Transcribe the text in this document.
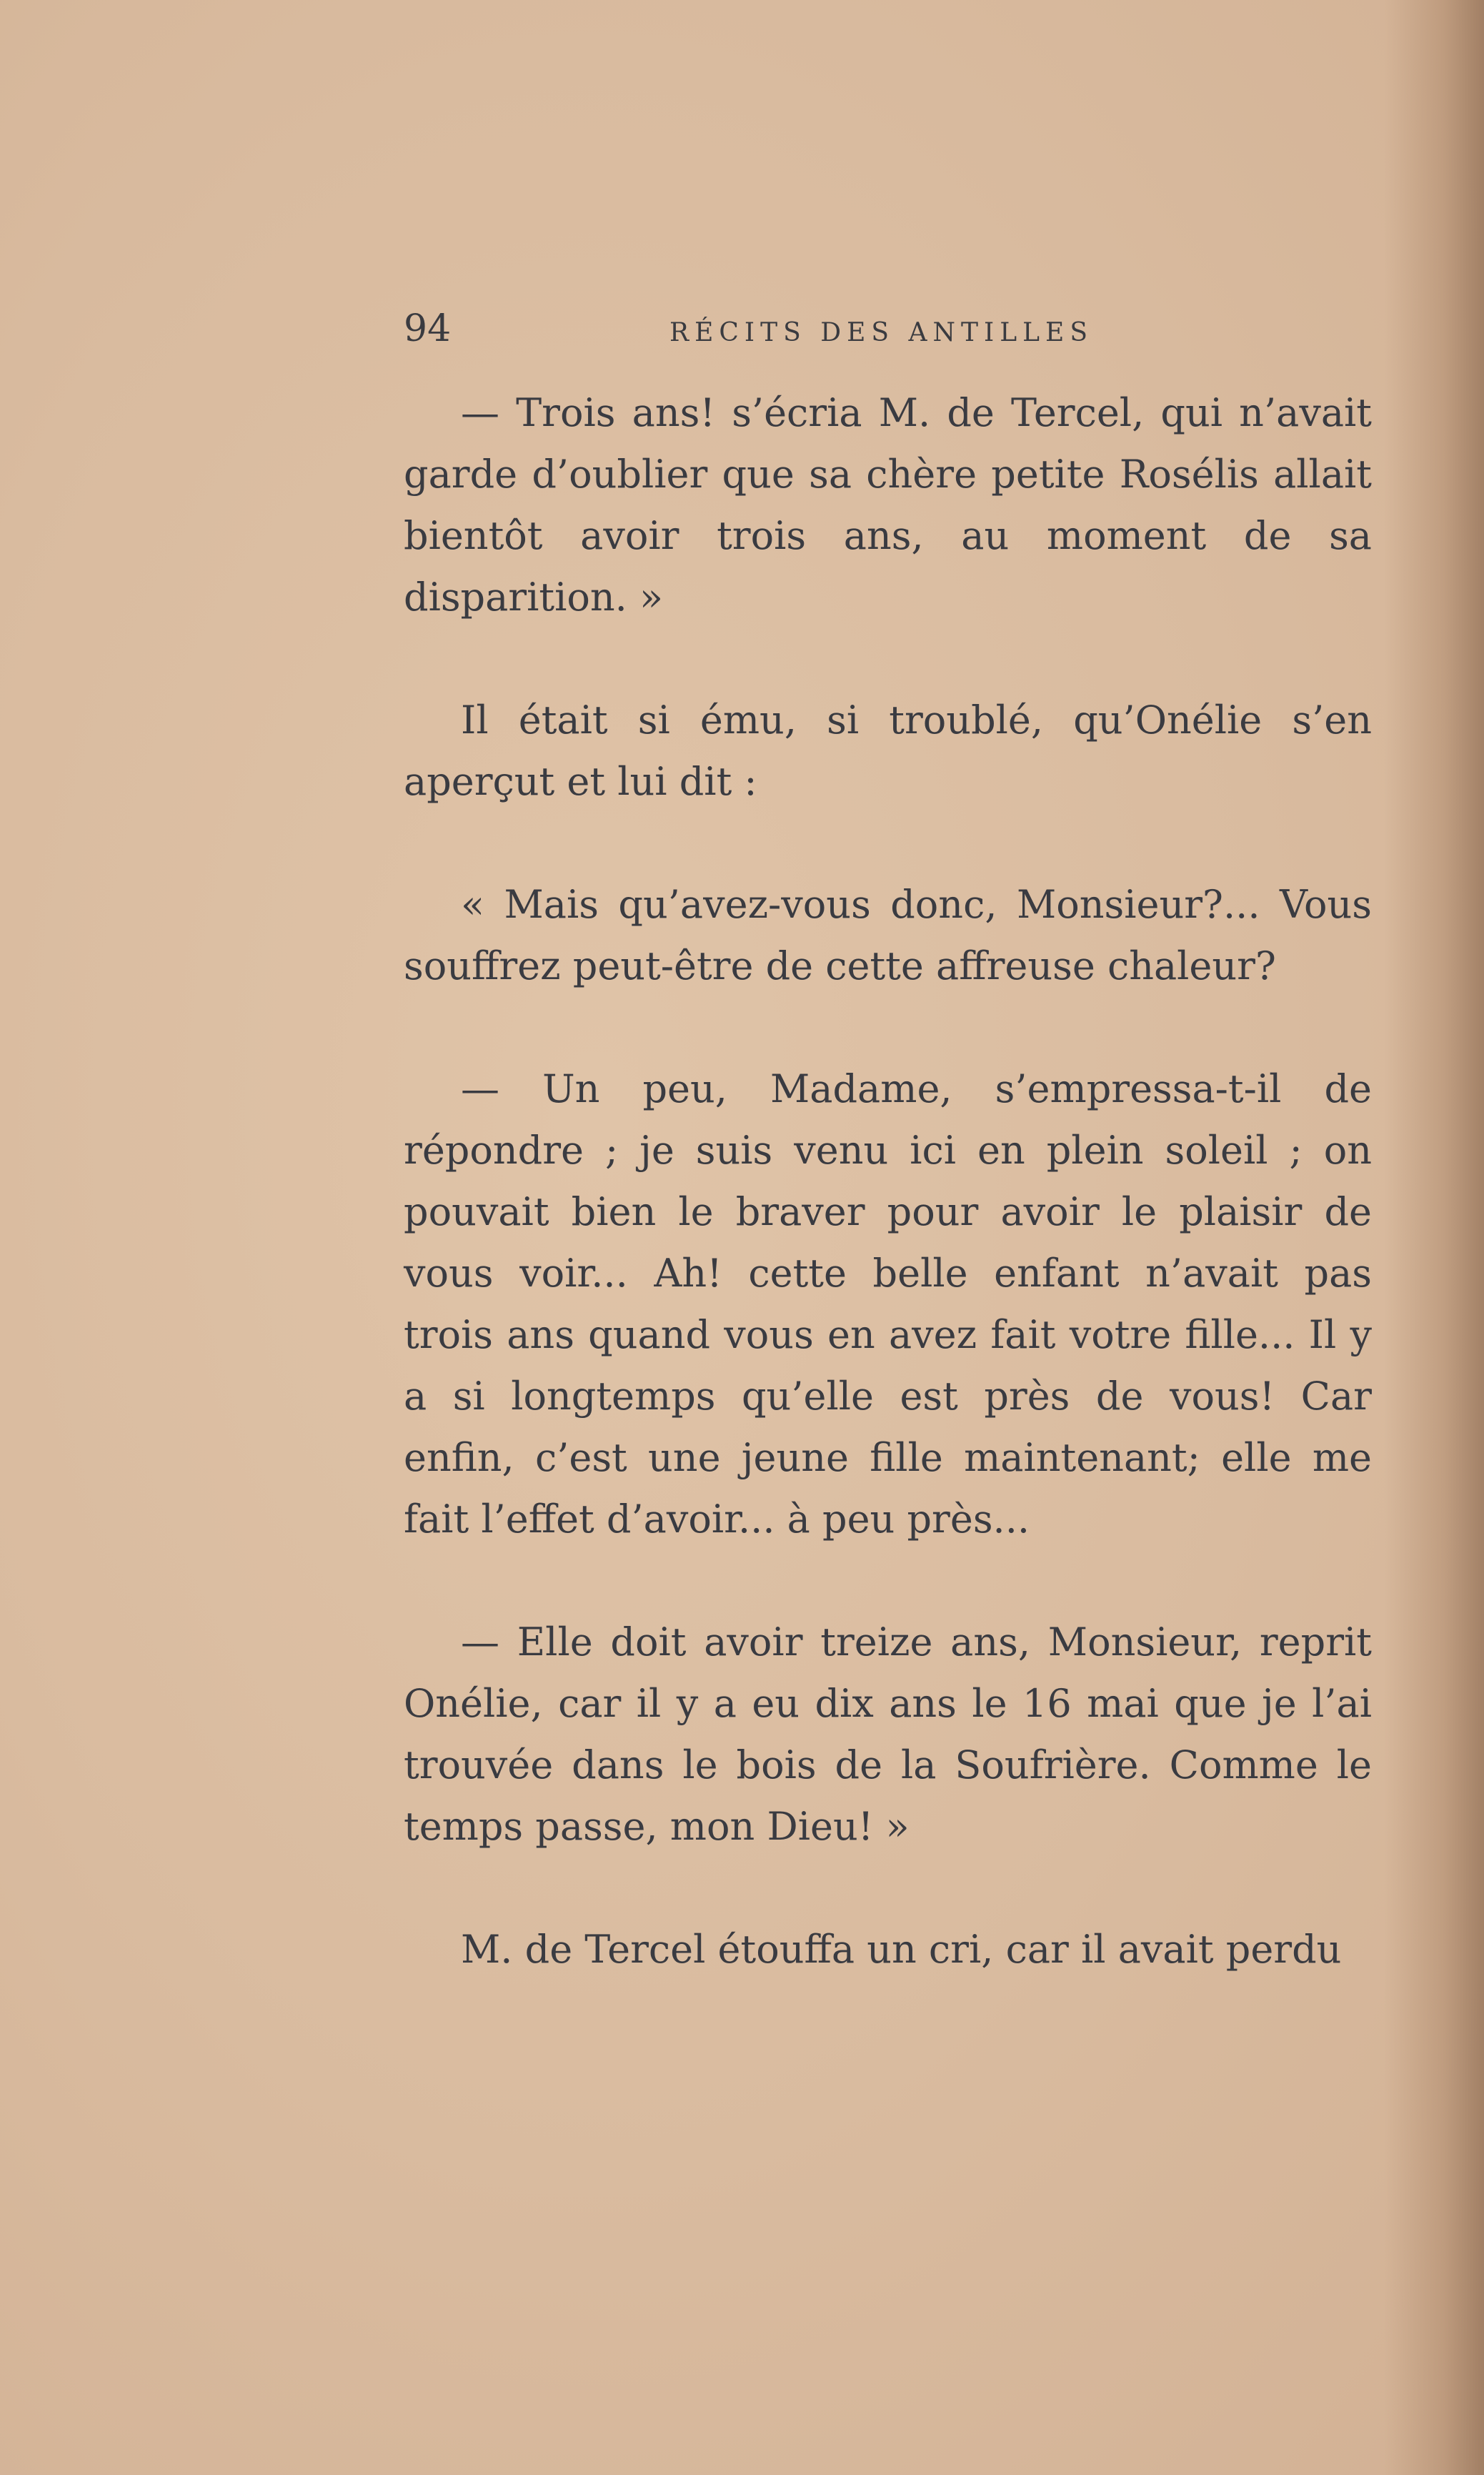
94	RÉCITS DES ANTILLES

— Trois ans! s’écria M. de Tercel, qui n’avait garde d’oublier que sa chère petite Rosélis allait bientôt avoir trois ans, au moment de sa disparition. »

Il était si ému, si troublé, qu’Onélie s’en aperçut et lui dit :

« Mais qu’avez-vous donc, Monsieur?... Vous souffrez peut-être de cette affreuse chaleur?

— Un peu, Madame, s’empressa-t-il de répondre ; je suis venu ici en plein soleil ; on pouvait bien le braver pour avoir le plaisir de vous voir... Ah! cette belle enfant n’avait pas trois ans quand vous en avez fait votre fille... Il y a si longtemps qu’elle est près de vous! Car enfin, c’est une jeune fille maintenant; elle me fait l’effet d’avoir... à peu près...

— Elle doit avoir treize ans, Monsieur, reprit Onélie, car il y a eu dix ans le 16 mai que je l’ai trouvée dans le bois de la Soufrière. Comme le temps passe, mon Dieu! »

M. de Tercel étouffa un cri, car il avait perdu
